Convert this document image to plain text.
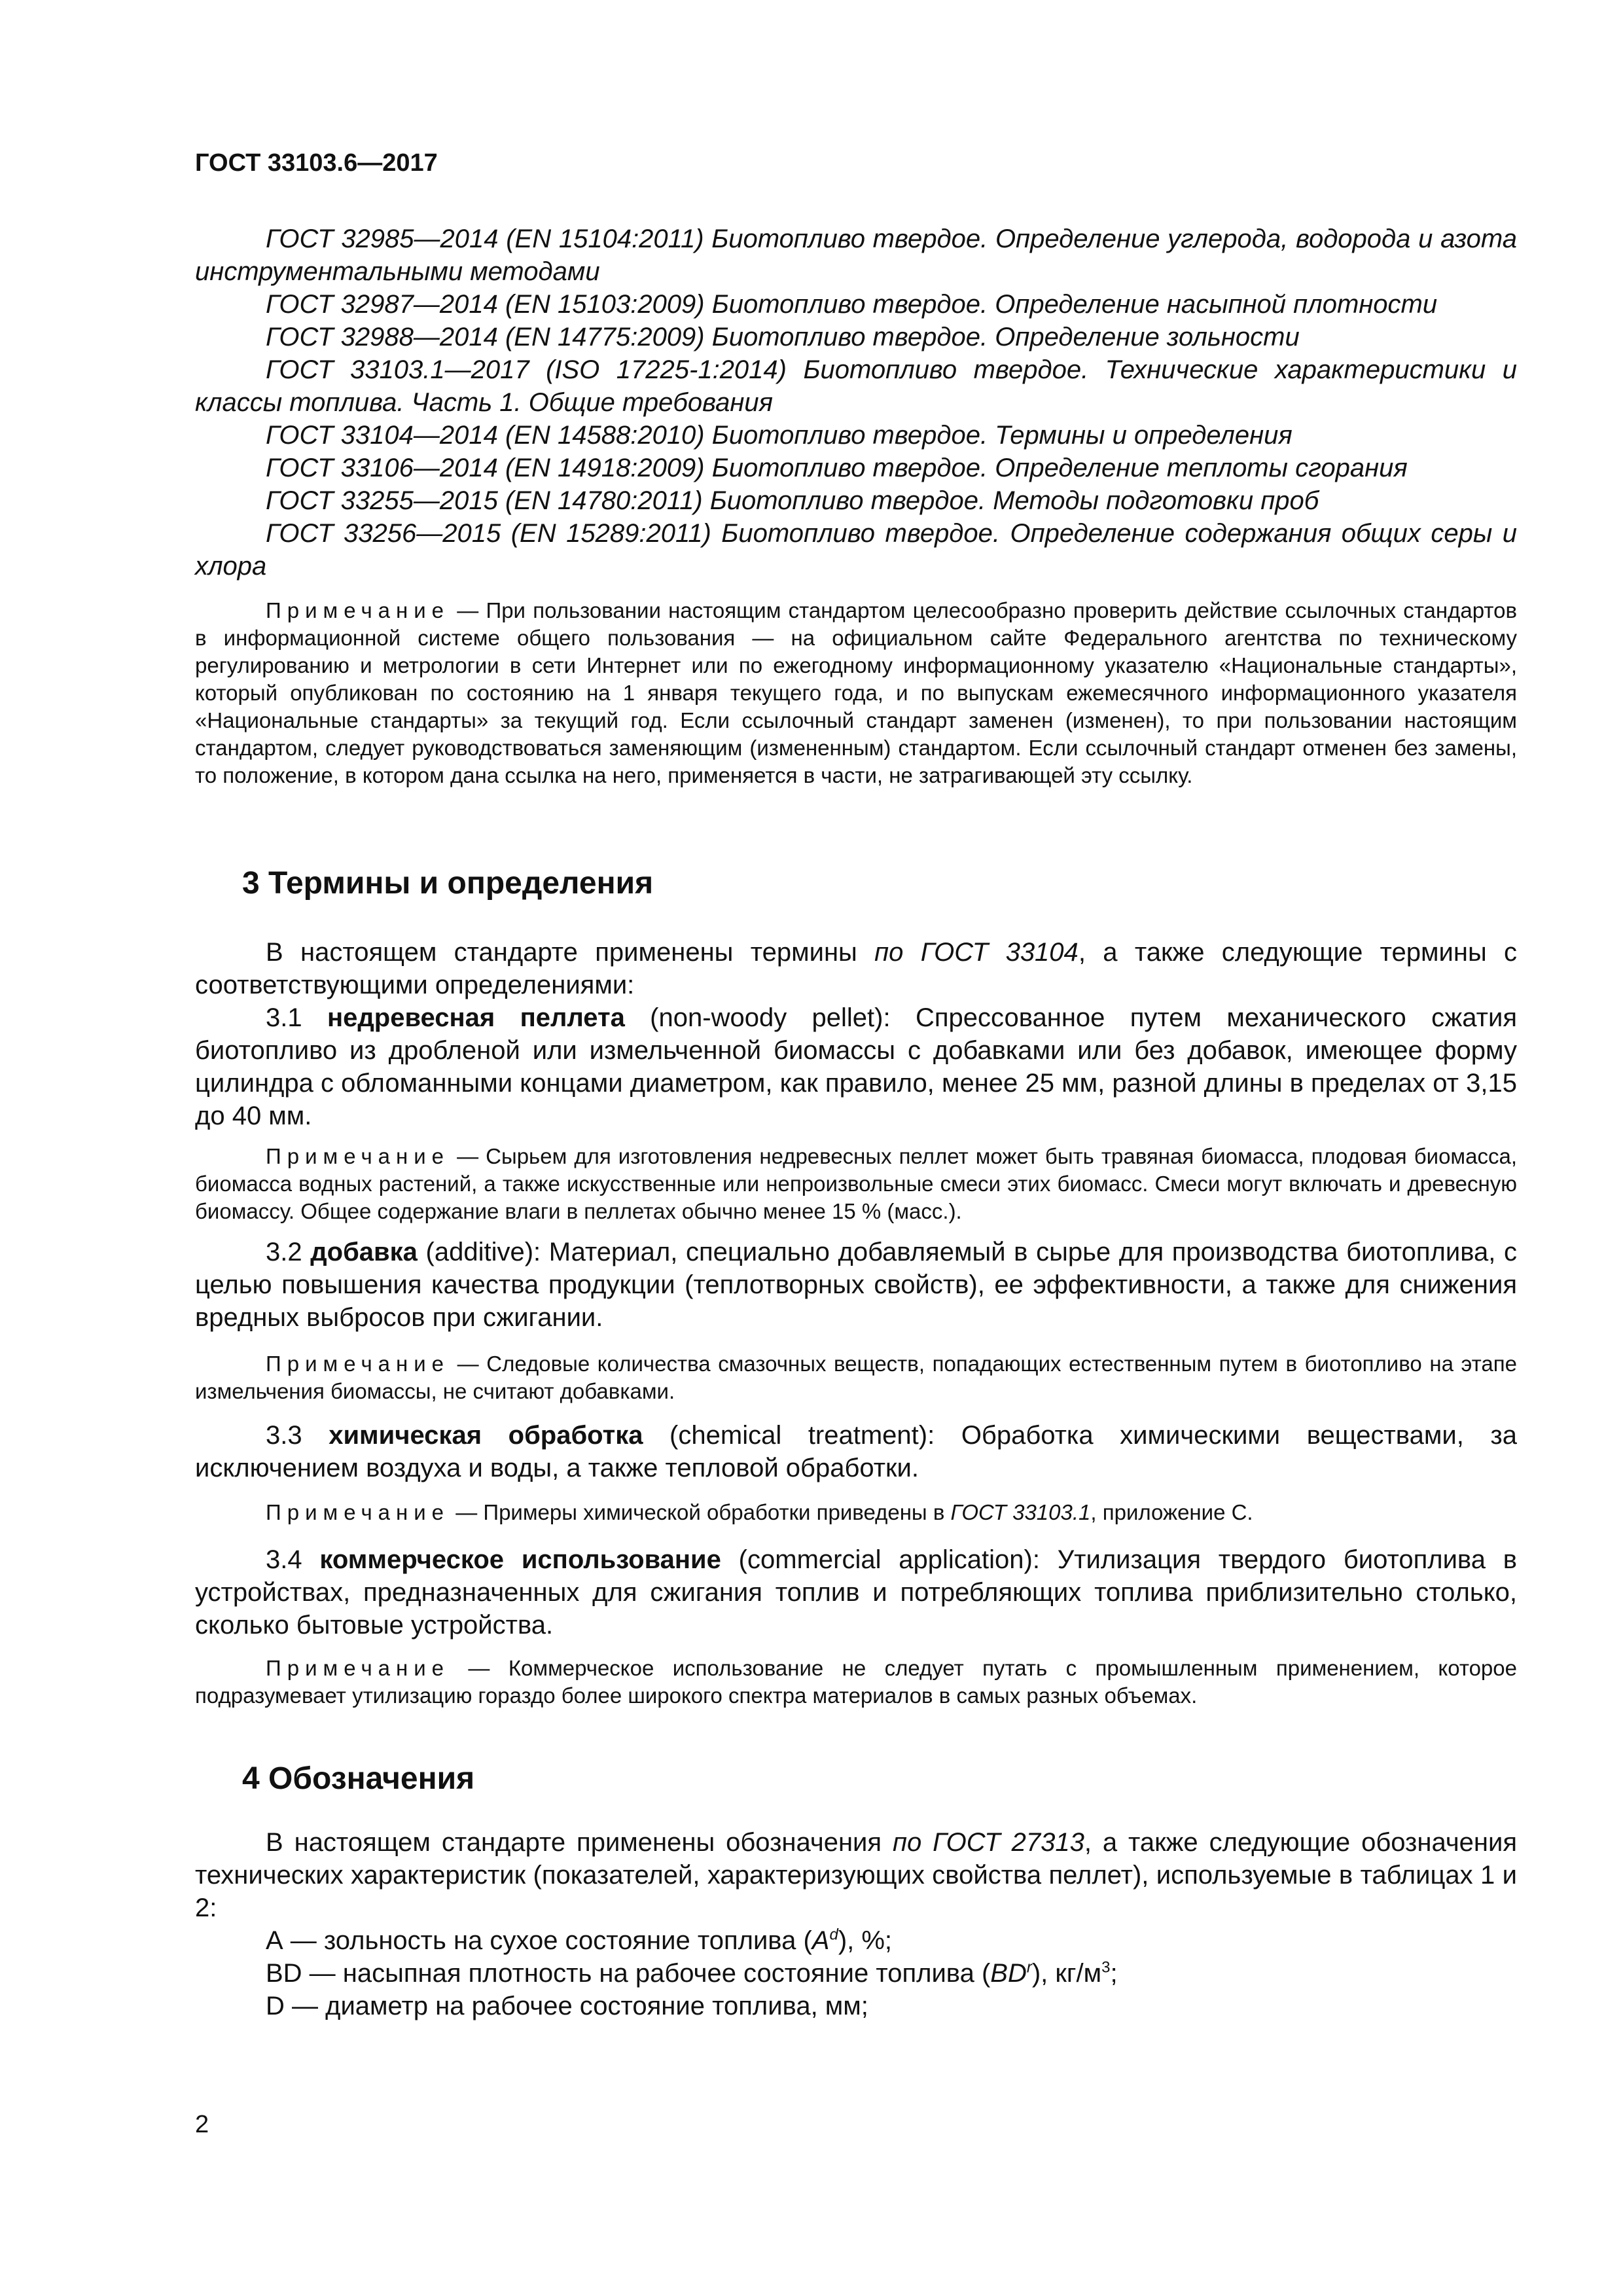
ГОСТ 33103.6—2017
ГОСТ 32985—2014 (EN 15104:2011) Биотопливо твердое. Определение углерода, водорода и азота инструментальными методами
ГОСТ 32987—2014 (EN 15103:2009) Биотопливо твердое. Определение насыпной плотности
ГОСТ 32988—2014 (EN 14775:2009) Биотопливо твердое. Определение зольности
ГОСТ 33103.1—2017 (ISO 17225-1:2014) Биотопливо твердое. Технические характеристики и классы топлива. Часть 1. Общие требования
ГОСТ 33104—2014 (EN 14588:2010) Биотопливо твердое. Термины и определения
ГОСТ 33106—2014 (EN 14918:2009) Биотопливо твердое. Определение теплоты сгорания
ГОСТ 33255—2015 (EN 14780:2011) Биотопливо твердое. Методы подготовки проб
ГОСТ 33256—2015 (EN 15289:2011) Биотопливо твердое. Определение содержания общих серы и хлора
Примечание — При пользовании настоящим стандартом целесообразно проверить действие ссылочных стандартов в информационной системе общего пользования — на официальном сайте Федерального агентства по техническому регулированию и метрологии в сети Интернет или по ежегодному информационному указателю «Национальные стандарты», который опубликован по состоянию на 1 января текущего года, и по выпускам ежемесячного информационного указателя «Национальные стандарты» за текущий год. Если ссылочный стандарт заменен (изменен), то при пользовании настоящим стандартом, следует руководствоваться заменяющим (измененным) стандартом. Если ссылочный стандарт отменен без замены, то положение, в котором дана ссылка на него, применяется в части, не затрагивающей эту ссылку.
3 Термины и определения
В настоящем стандарте применены термины по ГОСТ 33104, а также следующие термины с соответствующими определениями:
3.1 недревесная пеллета (non-woody pellet): Спрессованное путем механического сжатия биотопливо из дробленой или измельченной биомассы с добавками или без добавок, имеющее форму цилиндра с обломанными концами диаметром, как правило, менее 25 мм, разной длины в пределах от 3,15 до 40 мм.
Примечание — Сырьем для изготовления недревесных пеллет может быть травяная биомасса, плодовая биомасса, биомасса водных растений, а также искусственные или непроизвольные смеси этих биомасс. Смеси могут включать и древесную биомассу. Общее содержание влаги в пеллетах обычно менее 15 % (масс.).
3.2 добавка (additive): Материал, специально добавляемый в сырье для производства биотоплива, с целью повышения качества продукции (теплотворных свойств), ее эффективности, а также для снижения вредных выбросов при сжигании.
Примечание — Следовые количества смазочных веществ, попадающих естественным путем в биотопливо на этапе измельчения биомассы, не считают добавками.
3.3 химическая обработка (chemical treatment): Обработка химическими веществами, за исключением воздуха и воды, а также тепловой обработки.
Примечание — Примеры химической обработки приведены в ГОСТ 33103.1, приложение С.
3.4 коммерческое использование (commercial application): Утилизация твердого биотоплива в устройствах, предназначенных для сжигания топлив и потребляющих топлива приблизительно столько, сколько бытовые устройства.
Примечание — Коммерческое использование не следует путать с промышленным применением, которое подразумевает утилизацию гораздо более широкого спектра материалов в самых разных объемах.
4 Обозначения
В настоящем стандарте применены обозначения по ГОСТ 27313, а также следующие обозначения технических характеристик (показателей, характеризующих свойства пеллет), используемые в таблицах 1 и 2:
А — зольность на сухое состояние топлива $(A^d)$, %;
BD — насыпная плотность на рабочее состояние топлива $(BD^r)$, $кг/м^3$;
D — диаметр на рабочее состояние топлива, мм;
2
